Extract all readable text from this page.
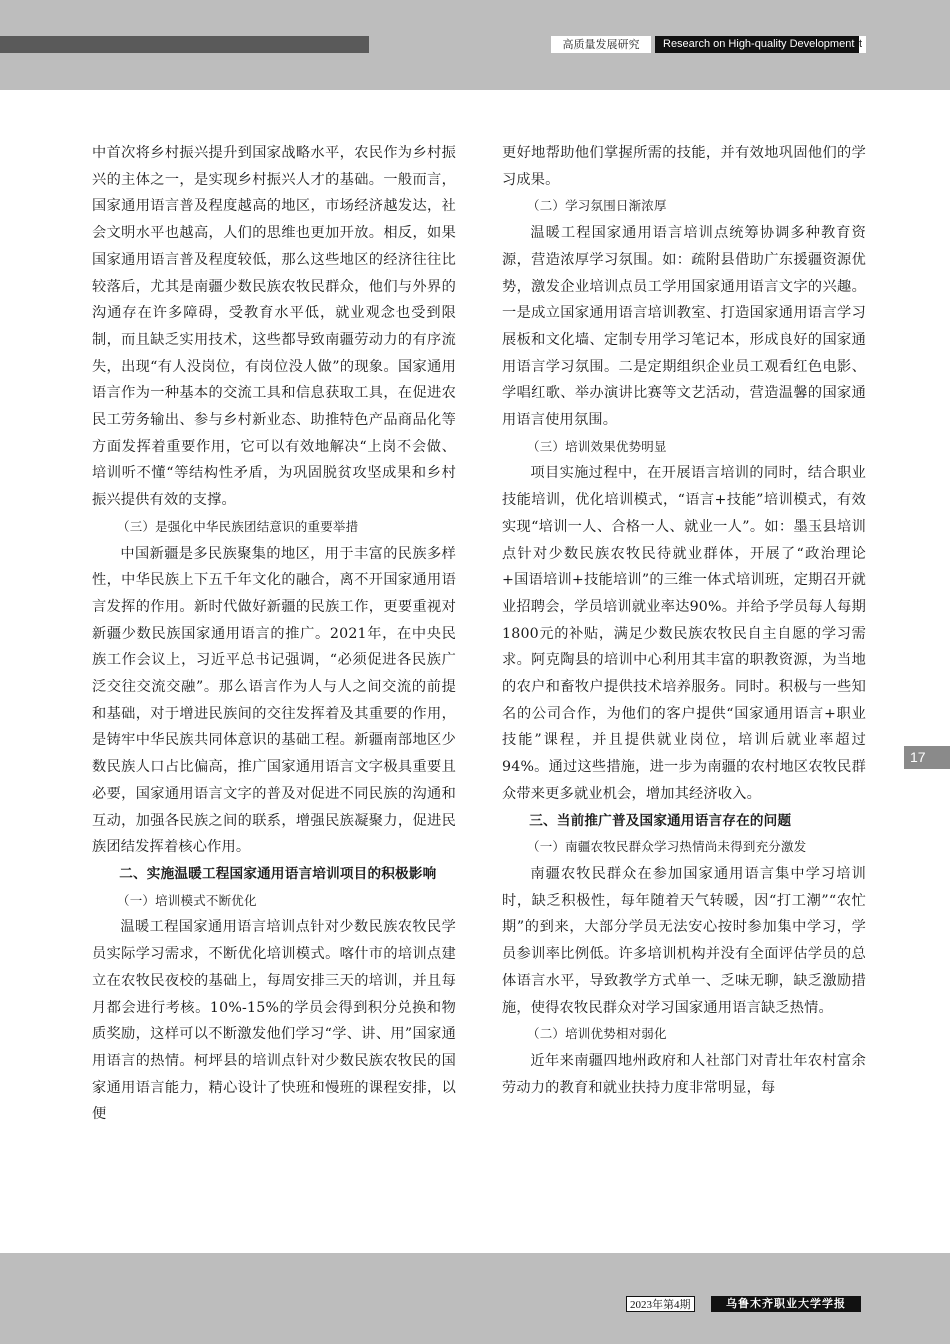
高质量发展研究	Research on High-quality Development t
17

中首次将乡村振兴提升到国家战略水平，农民作为乡村振兴的主体之一，是实现乡村振兴人才的基础。一般而言，国家通用语言普及程度越高的地区，市场经济越发达，社会文明水平也越高，人们的思维也更加开放。相反，如果国家通用语言普及程度较低，那么这些地区的经济往往比较落后，尤其是南疆少数民族农牧民群众，他们与外界的沟通存在许多障碍，受教育水平低，就业观念也受到限制，而且缺乏实用技术，这些都导致南疆劳动力的有序流失，出现“有人没岗位，有岗位没人做”的现象。国家通用语言作为一种基本的交流工具和信息获取工具，在促进农民工劳务输出、参与乡村新业态、助推特色产品商品化等方面发挥着重要作用，它可以有效地解决“上岗不会做、培训听不懂“等结构性矛盾，为巩固脱贫攻坚成果和乡村振兴提供有效的支撑。

（三）是强化中华民族团结意识的重要举措

中国新疆是多民族聚集的地区，用于丰富的民族多样性，中华民族上下五千年文化的融合，离不开国家通用语言发挥的作用。新时代做好新疆的民族工作，更要重视对新疆少数民族国家通用语言的推广。2021年，在中央民族工作会议上，习近平总书记强调，“必须促进各民族广泛交往交流交融”。那么语言作为人与人之间交流的前提和基础，对于增进民族间的交往发挥着及其重要的作用，是铸牢中华民族共同体意识的基础工程。新疆南部地区少数民族人口占比偏高，推广国家通用语言文字极具重要且必要，国家通用语言文字的普及对促进不同民族的沟通和互动，加强各民族之间的联系，增强民族凝聚力，促进民族团结发挥着核心作用。

二、实施温暖工程国家通用语言培训项目的积极影响

（一）培训模式不断优化

温暖工程国家通用语言培训点针对少数民族农牧民学员实际学习需求，不断优化培训模式。喀什市的培训点建立在农牧民夜校的基础上，每周安排三天的培训，并且每月都会进行考核。10%-15%的学员会得到积分兑换和物质奖励，这样可以不断激发他们学习“学、讲、用”国家通用语言的热情。柯坪县的培训点针对少数民族农牧民的国家通用语言能力，精心设计了快班和慢班的课程安排，以便

更好地帮助他们掌握所需的技能，并有效地巩固他们的学习成果。

（二）学习氛围日渐浓厚

温暖工程国家通用语言培训点统筹协调多种教育资源，营造浓厚学习氛围。如：疏附县借助广东援疆资源优势，激发企业培训点员工学用国家通用语言文字的兴趣。一是成立国家通用语言培训教室、打造国家通用语言学习展板和文化墙、定制专用学习笔记本，形成良好的国家通用语言学习氛围。二是定期组织企业员工观看红色电影、学唱红歌、举办演讲比赛等文艺活动，营造温馨的国家通用语言使用氛围。

（三）培训效果优势明显

项目实施过程中，在开展语言培训的同时，结合职业技能培训，优化培训模式，“语言+技能”培训模式，有效实现“培训一人、合格一人、就业一人”。如：墨玉县培训点针对少数民族农牧民待就业群体，开展了“政治理论+国语培训+技能培训”的三维一体式培训班，定期召开就业招聘会，学员培训就业率达90%。并给予学员每人每期1800元的补贴，满足少数民族农牧民自主自愿的学习需求。阿克陶县的培训中心利用其丰富的职教资源，为当地的农户和畜牧户提供技术培养服务。同时。积极与一些知名的公司合作，为他们的客户提供“国家通用语言+职业技能”课程，并且提供就业岗位，培训后就业率超过94%。通过这些措施，进一步为南疆的农村地区农牧民群众带来更多就业机会，增加其经济收入。

三、当前推广普及国家通用语言存在的问题

（一）南疆农牧民群众学习热情尚未得到充分激发

南疆农牧民群众在参加国家通用语言集中学习培训时，缺乏积极性，每年随着天气转暖，因“打工潮”“农忙期”的到来，大部分学员无法安心按时参加集中学习，学员参训率比例低。许多培训机构并没有全面评估学员的总体语言水平，导致教学方式单一、乏味无聊，缺乏激励措施，使得农牧民群众对学习国家通用语言缺乏热情。

（二）培训优势相对弱化

近年来南疆四地州政府和人社部门对青壮年农村富余劳动力的教育和就业扶持力度非常明显，每

2023年第4期	乌鲁木齐职业大学学报
